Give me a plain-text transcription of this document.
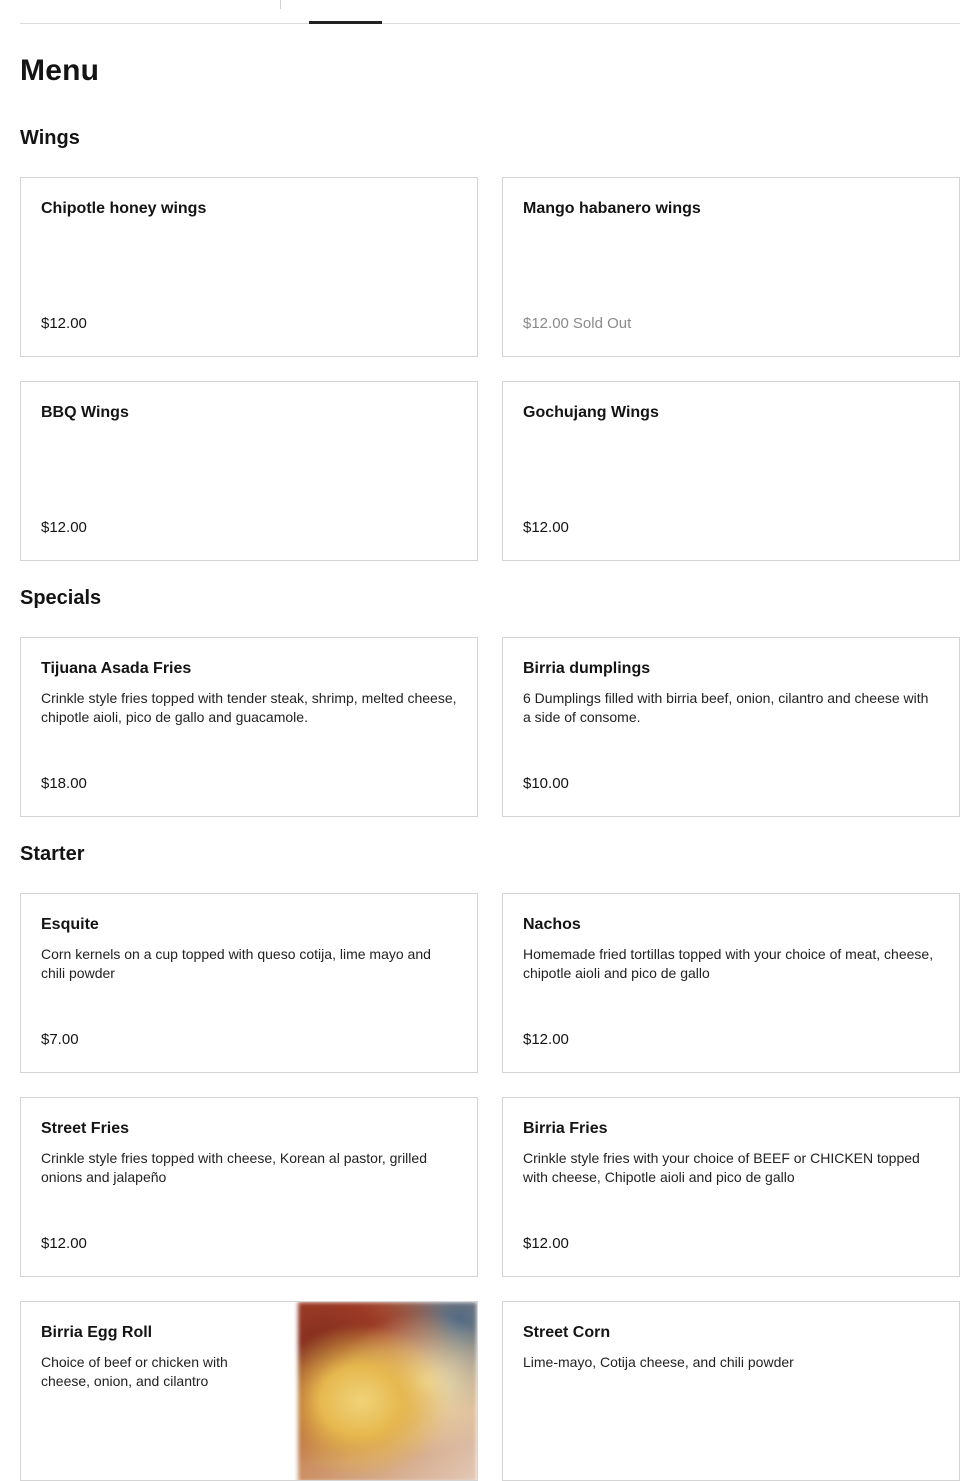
Menu
Wings
Chipotle honey wings
$12.00
Mango habanero wings
$12.00 Sold Out
BBQ Wings
$12.00
Gochujang Wings
$12.00
Specials
Tijuana Asada Fries
Crinkle style fries topped with tender steak, shrimp, melted cheese, chipotle aioli, pico de gallo and guacamole.
$18.00
Birria dumplings
6 Dumplings filled with birria beef, onion, cilantro and cheese with a side of consome.
$10.00
Starter
Esquite
Corn kernels on a cup topped with queso cotija, lime mayo and chili powder
$7.00
Nachos
Homemade fried tortillas topped with your choice of meat, cheese, chipotle aioli and pico de gallo
$12.00
Street Fries
Crinkle style fries topped with cheese, Korean al pastor, grilled onions and jalapeño
$12.00
Birria Fries
Crinkle style fries with your choice of BEEF or CHICKEN topped with cheese, Chipotle aioli and pico de gallo
$12.00
Birria Egg Roll
Choice of beef or chicken with cheese, onion, and cilantro
Street Corn
Lime-mayo, Cotija cheese, and chili powder
